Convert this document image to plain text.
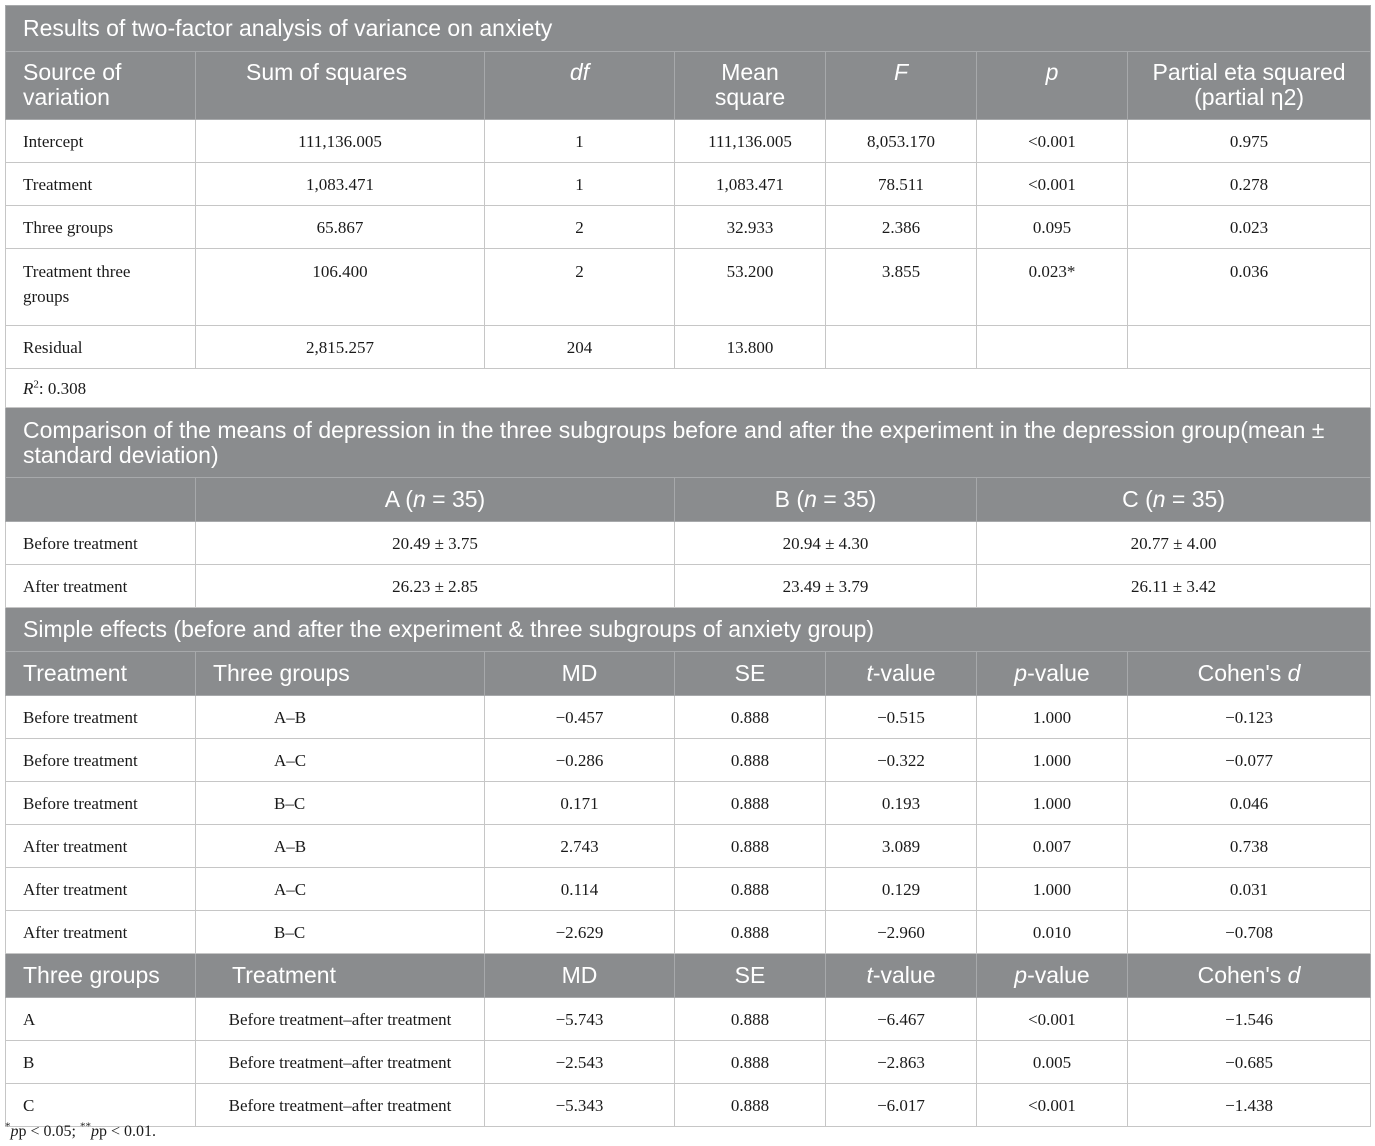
Results of two-factor analysis of variance on anxiety						
Source of variation	Sum of squares	df	Mean square	F	p	Partial eta squared (partial η2)
Intercept	111,136.005	1	111,136.005	8,053.170	<0.001	0.975
Treatment	1,083.471	1	1,083.471	78.511	<0.001	0.278
Three groups	65.867	2	32.933	2.386	0.095	0.023
Treatment three groups	106.400	2	53.200	3.855	0.023*	0.036
Residual	2,815.257	204	13.800			
$R^2$: 0.308						
Comparison of the means of depression in the three subgroups before and after the experiment in the depression group(mean ± standard deviation)						
	A (n = 35)		B (n = 35)		C (n = 35)	
Before treatment	20.49 ± 3.75		20.94 ± 4.30		20.77 ± 4.00	
After treatment	26.23 ± 2.85		23.49 ± 3.79		26.11 ± 3.42	
Simple effects (before and after the experiment & three subgroups of anxiety group)						
Treatment	Three groups	MD	SE	t-value	p-value	Cohen's d
Before treatment	A–B	−0.457	0.888	−0.515	1.000	−0.123
Before treatment	A–C	−0.286	0.888	−0.322	1.000	−0.077
Before treatment	B–C	0.171	0.888	0.193	1.000	0.046
After treatment	A–B	2.743	0.888	3.089	0.007	0.738
After treatment	A–C	0.114	0.888	0.129	1.000	0.031
After treatment	B–C	−2.629	0.888	−2.960	0.010	−0.708
Three groups	Treatment	MD	SE	t-value	p-value	Cohen's d
A	Before treatment–after treatment	−5.743	0.888	−6.467	<0.001	−1.546
B	Before treatment–after treatment	−2.543	0.888	−2.863	0.005	−0.685
C	Before treatment–after treatment	−5.343	0.888	−6.017	<0.001	−1.438
*pp < 0.05; **pp < 0.01.
